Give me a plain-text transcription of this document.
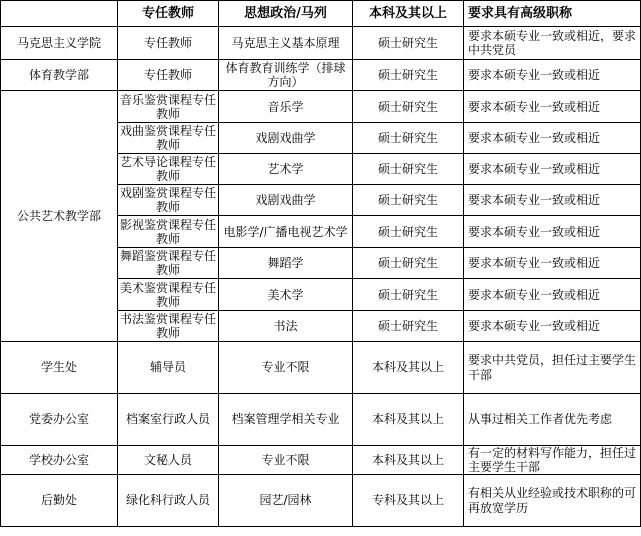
	专任教师	思想政治/马列	本科及其以上	要求具有高级职称
马克思主义学院	专任教师	马克思主义基本原理	硕士研究生	要求本硕专业一致或相近，要求中共党员
体育教学部	专任教师	体育教育训练学（排球方向）	硕士研究生	要求本硕专业一致或相近
公共艺术教学部	音乐鉴赏课程专任教师	音乐学	硕士研究生	要求本硕专业一致或相近
	戏曲鉴赏课程专任教师	戏剧戏曲学	硕士研究生	要求本硕专业一致或相近
	艺术导论课程专任教师	艺术学	硕士研究生	要求本硕专业一致或相近
	戏剧鉴赏课程专任教师	戏剧戏曲学	硕士研究生	要求本硕专业一致或相近
	影视鉴赏课程专任教师	电影学/广播电视艺术学	硕士研究生	要求本硕专业一致或相近
	舞蹈鉴赏课程专任教师	舞蹈学	硕士研究生	要求本硕专业一致或相近
	美术鉴赏课程专任教师	美术学	硕士研究生	要求本硕专业一致或相近
	书法鉴赏课程专任教师	书法	硕士研究生	要求本硕专业一致或相近
学生处	辅导员	专业不限	本科及其以上	要求中共党员，担任过主要学生干部
党委办公室	档案室行政人员	档案管理学相关专业	本科及其以上	从事过相关工作者优先考虑
学校办公室	文秘人员	专业不限	本科及其以上	有一定的材料写作能力，担任过主要学生干部
后勤处	绿化科行政人员	园艺/园林	专科及其以上	有相关从业经验或技术职称的可再放宽学历
